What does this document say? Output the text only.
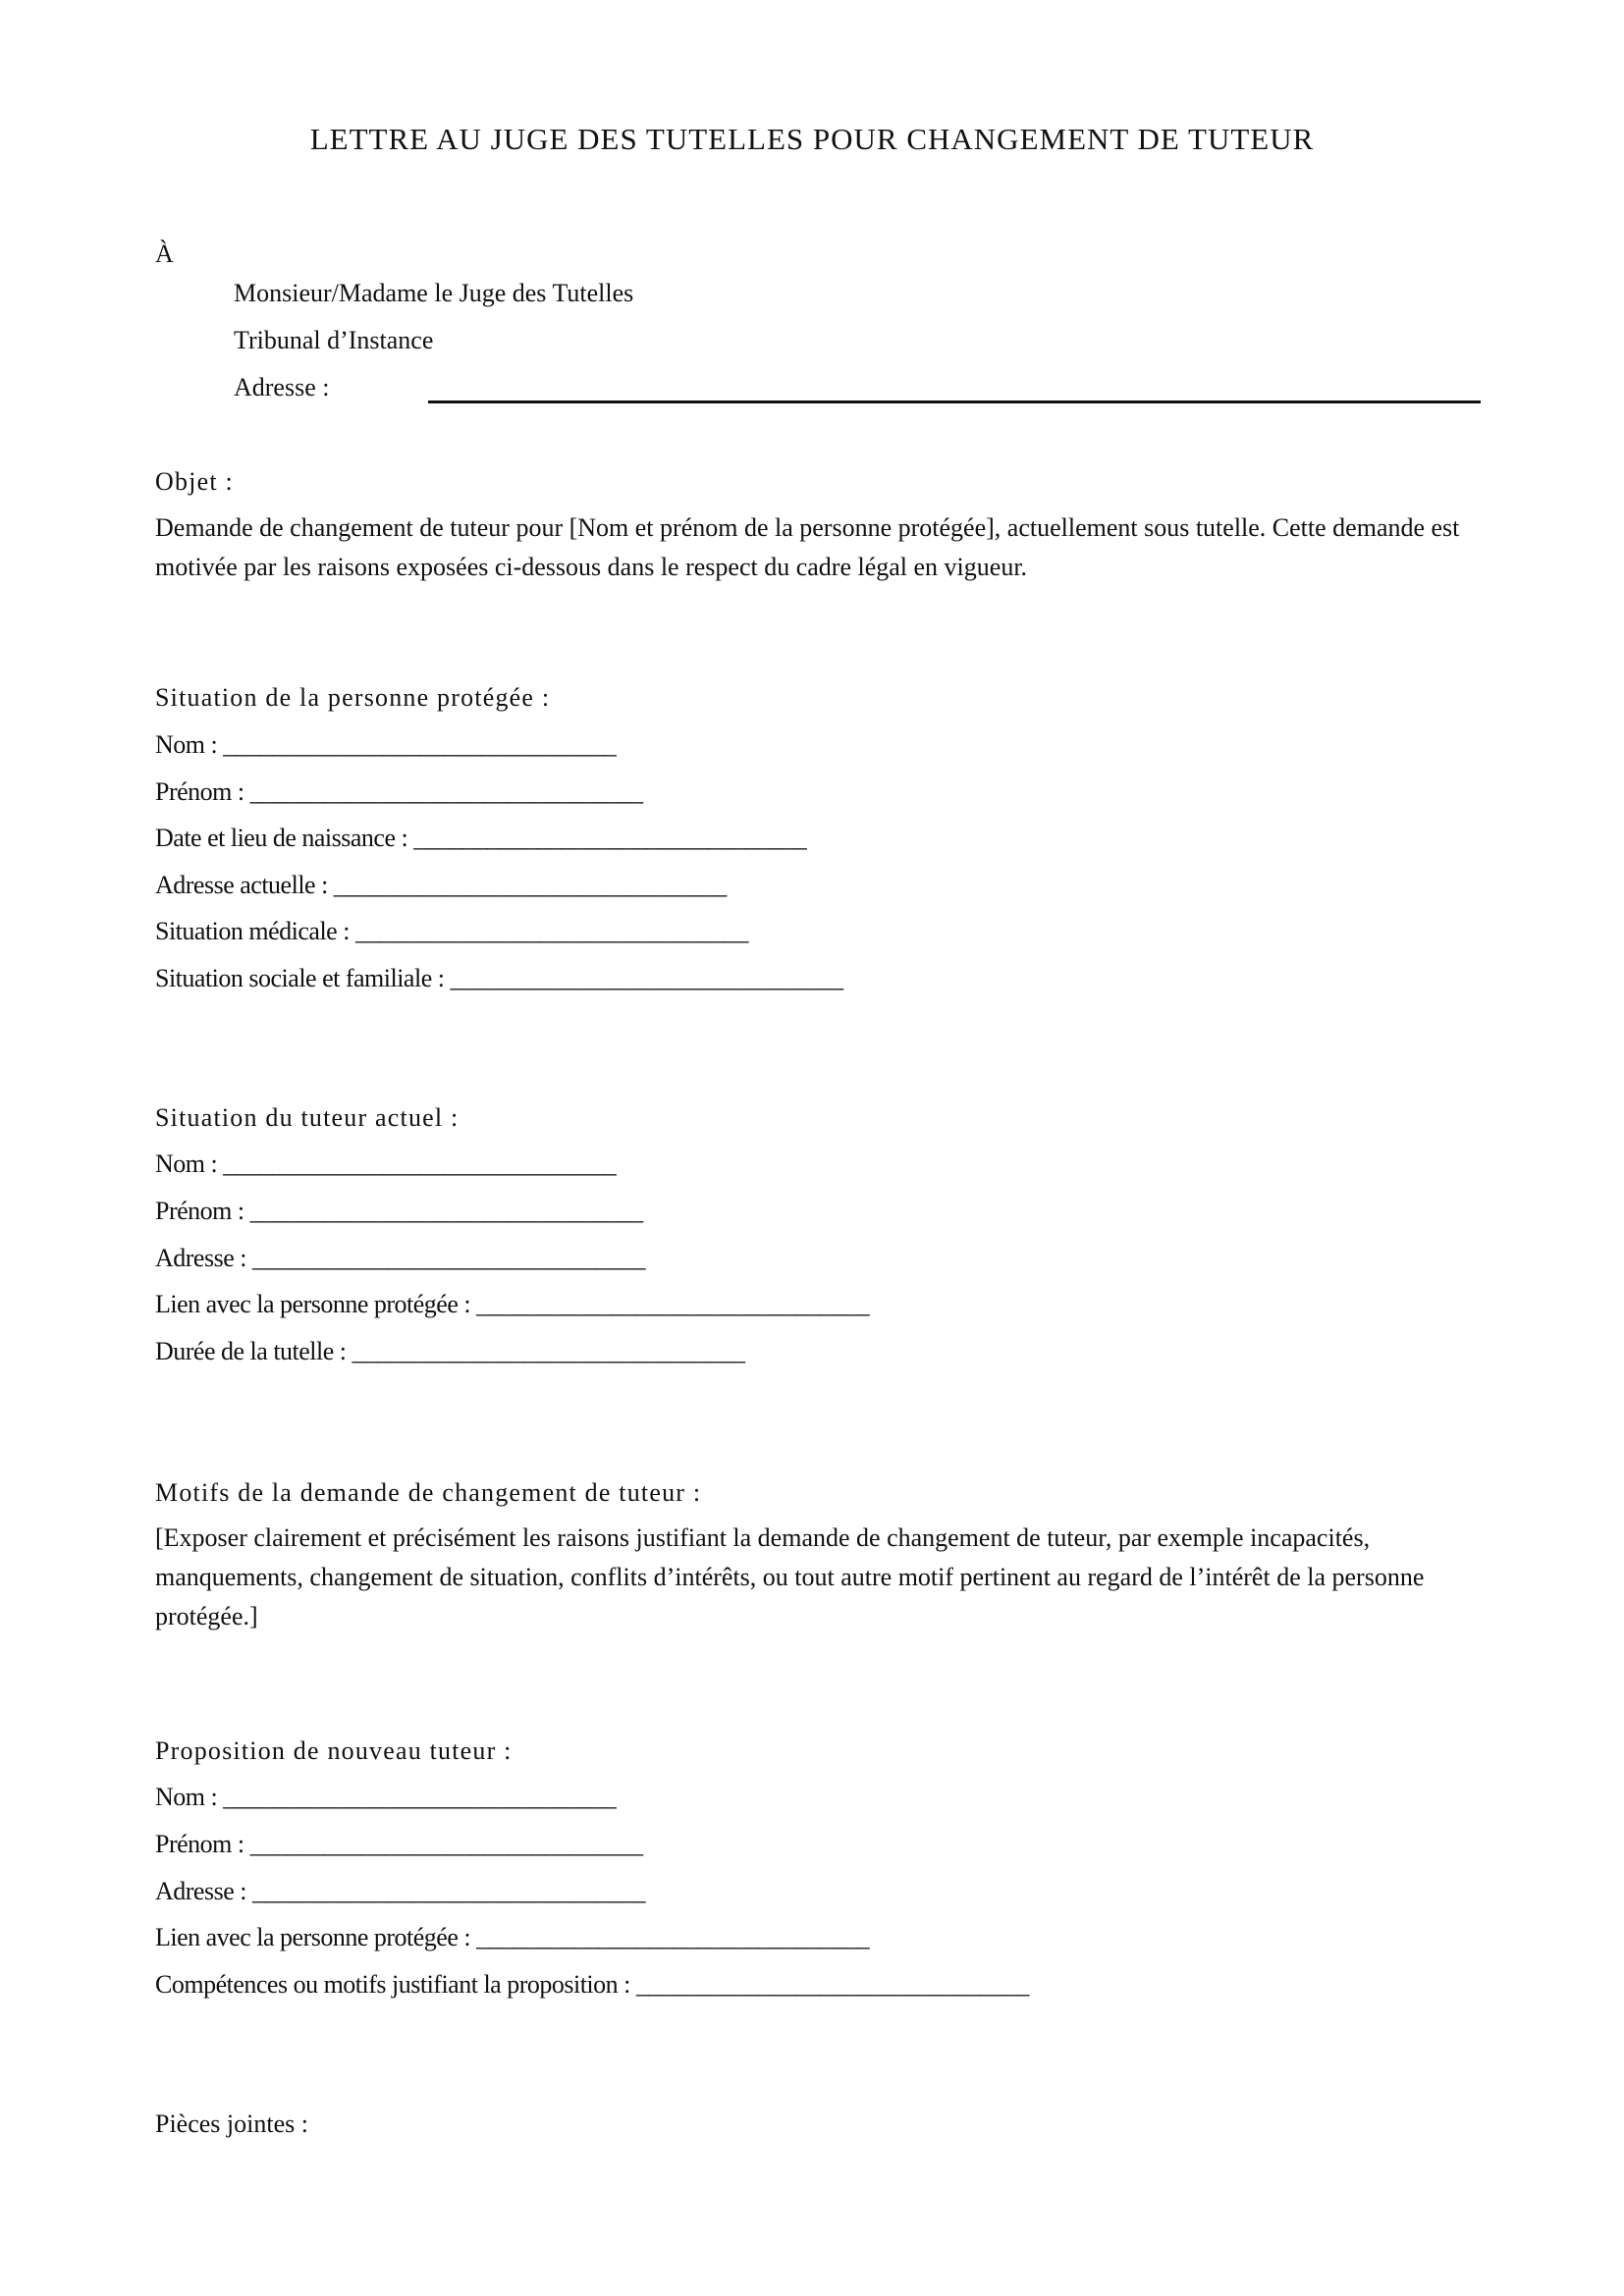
LETTRE AU JUGE DES TUTELLES POUR CHANGEMENT DE TUTEUR
À
Monsieur/Madame le Juge des Tutelles
Tribunal d’Instance
Adresse :
Objet :
Demande de changement de tuteur pour [Nom et prénom de la personne protégée], actuellement sous tutelle. Cette demande est motivée par les raisons exposées ci-dessous dans le respect du cadre légal en vigueur.
Situation de la personne protégée :
Nom : ________________________________
Prénom : ________________________________
Date et lieu de naissance : ________________________________
Adresse actuelle : ________________________________
Situation médicale : ________________________________
Situation sociale et familiale : ________________________________
Situation du tuteur actuel :
Nom : ________________________________
Prénom : ________________________________
Adresse : ________________________________
Lien avec la personne protégée : ________________________________
Durée de la tutelle : ________________________________
Motifs de la demande de changement de tuteur :
[Exposer clairement et précisément les raisons justifiant la demande de changement de tuteur, par exemple incapacités, manquements, changement de situation, conflits d’intérêts, ou tout autre motif pertinent au regard de l’intérêt de la personne protégée.]
Proposition de nouveau tuteur :
Nom : ________________________________
Prénom : ________________________________
Adresse : ________________________________
Lien avec la personne protégée : ________________________________
Compétences ou motifs justifiant la proposition : ________________________________
Pièces jointes :
